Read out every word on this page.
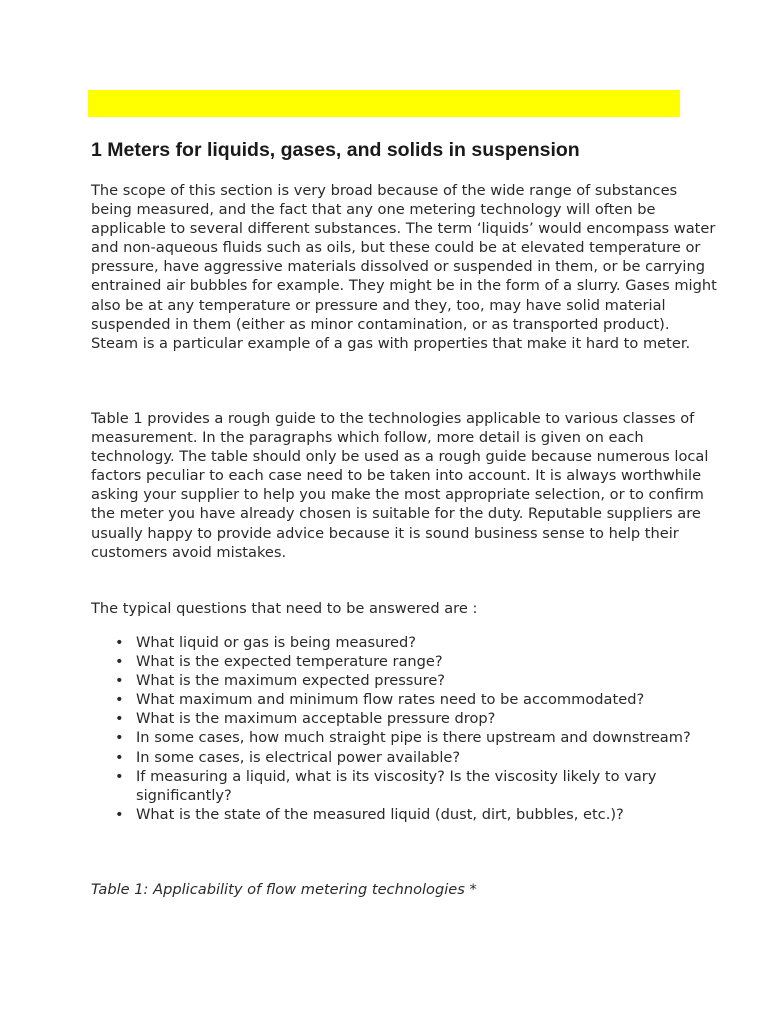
1 Meters for liquids, gases, and solids in suspension

The scope of this section is very broad because of the wide range of substances being measured, and the fact that any one metering technology will often be applicable to several different substances. The term ‘liquids’ would encompass water and non-aqueous fluids such as oils, but these could be at elevated temperature or pressure, have aggressive materials dissolved or suspended in them, or be carrying entrained air bubbles for example. They might be in the form of a slurry. Gases might also be at any temperature or pressure and they, too, may have solid material suspended in them (either as minor contamination, or as transported product). Steam is a particular example of a gas with properties that make it hard to meter.

Table 1 provides a rough guide to the technologies applicable to various classes of measurement. In the paragraphs which follow, more detail is given on each technology. The table should only be used as a rough guide because numerous local factors peculiar to each case need to be taken into account. It is always worthwhile asking your supplier to help you make the most appropriate selection, or to confirm the meter you have already chosen is suitable for the duty. Reputable suppliers are usually happy to provide advice because it is sound business sense to help their customers avoid mistakes.

The typical questions that need to be answered are :

• What liquid or gas is being measured?
• What is the expected temperature range?
• What is the maximum expected pressure?
• What maximum and minimum flow rates need to be accommodated?
• What is the maximum acceptable pressure drop?
• In some cases, how much straight pipe is there upstream and downstream?
• In some cases, is electrical power available?
• If measuring a liquid, what is its viscosity? Is the viscosity likely to vary significantly?
• What is the state of the measured liquid (dust, dirt, bubbles, etc.)?

Table 1: Applicability of flow metering technologies *
